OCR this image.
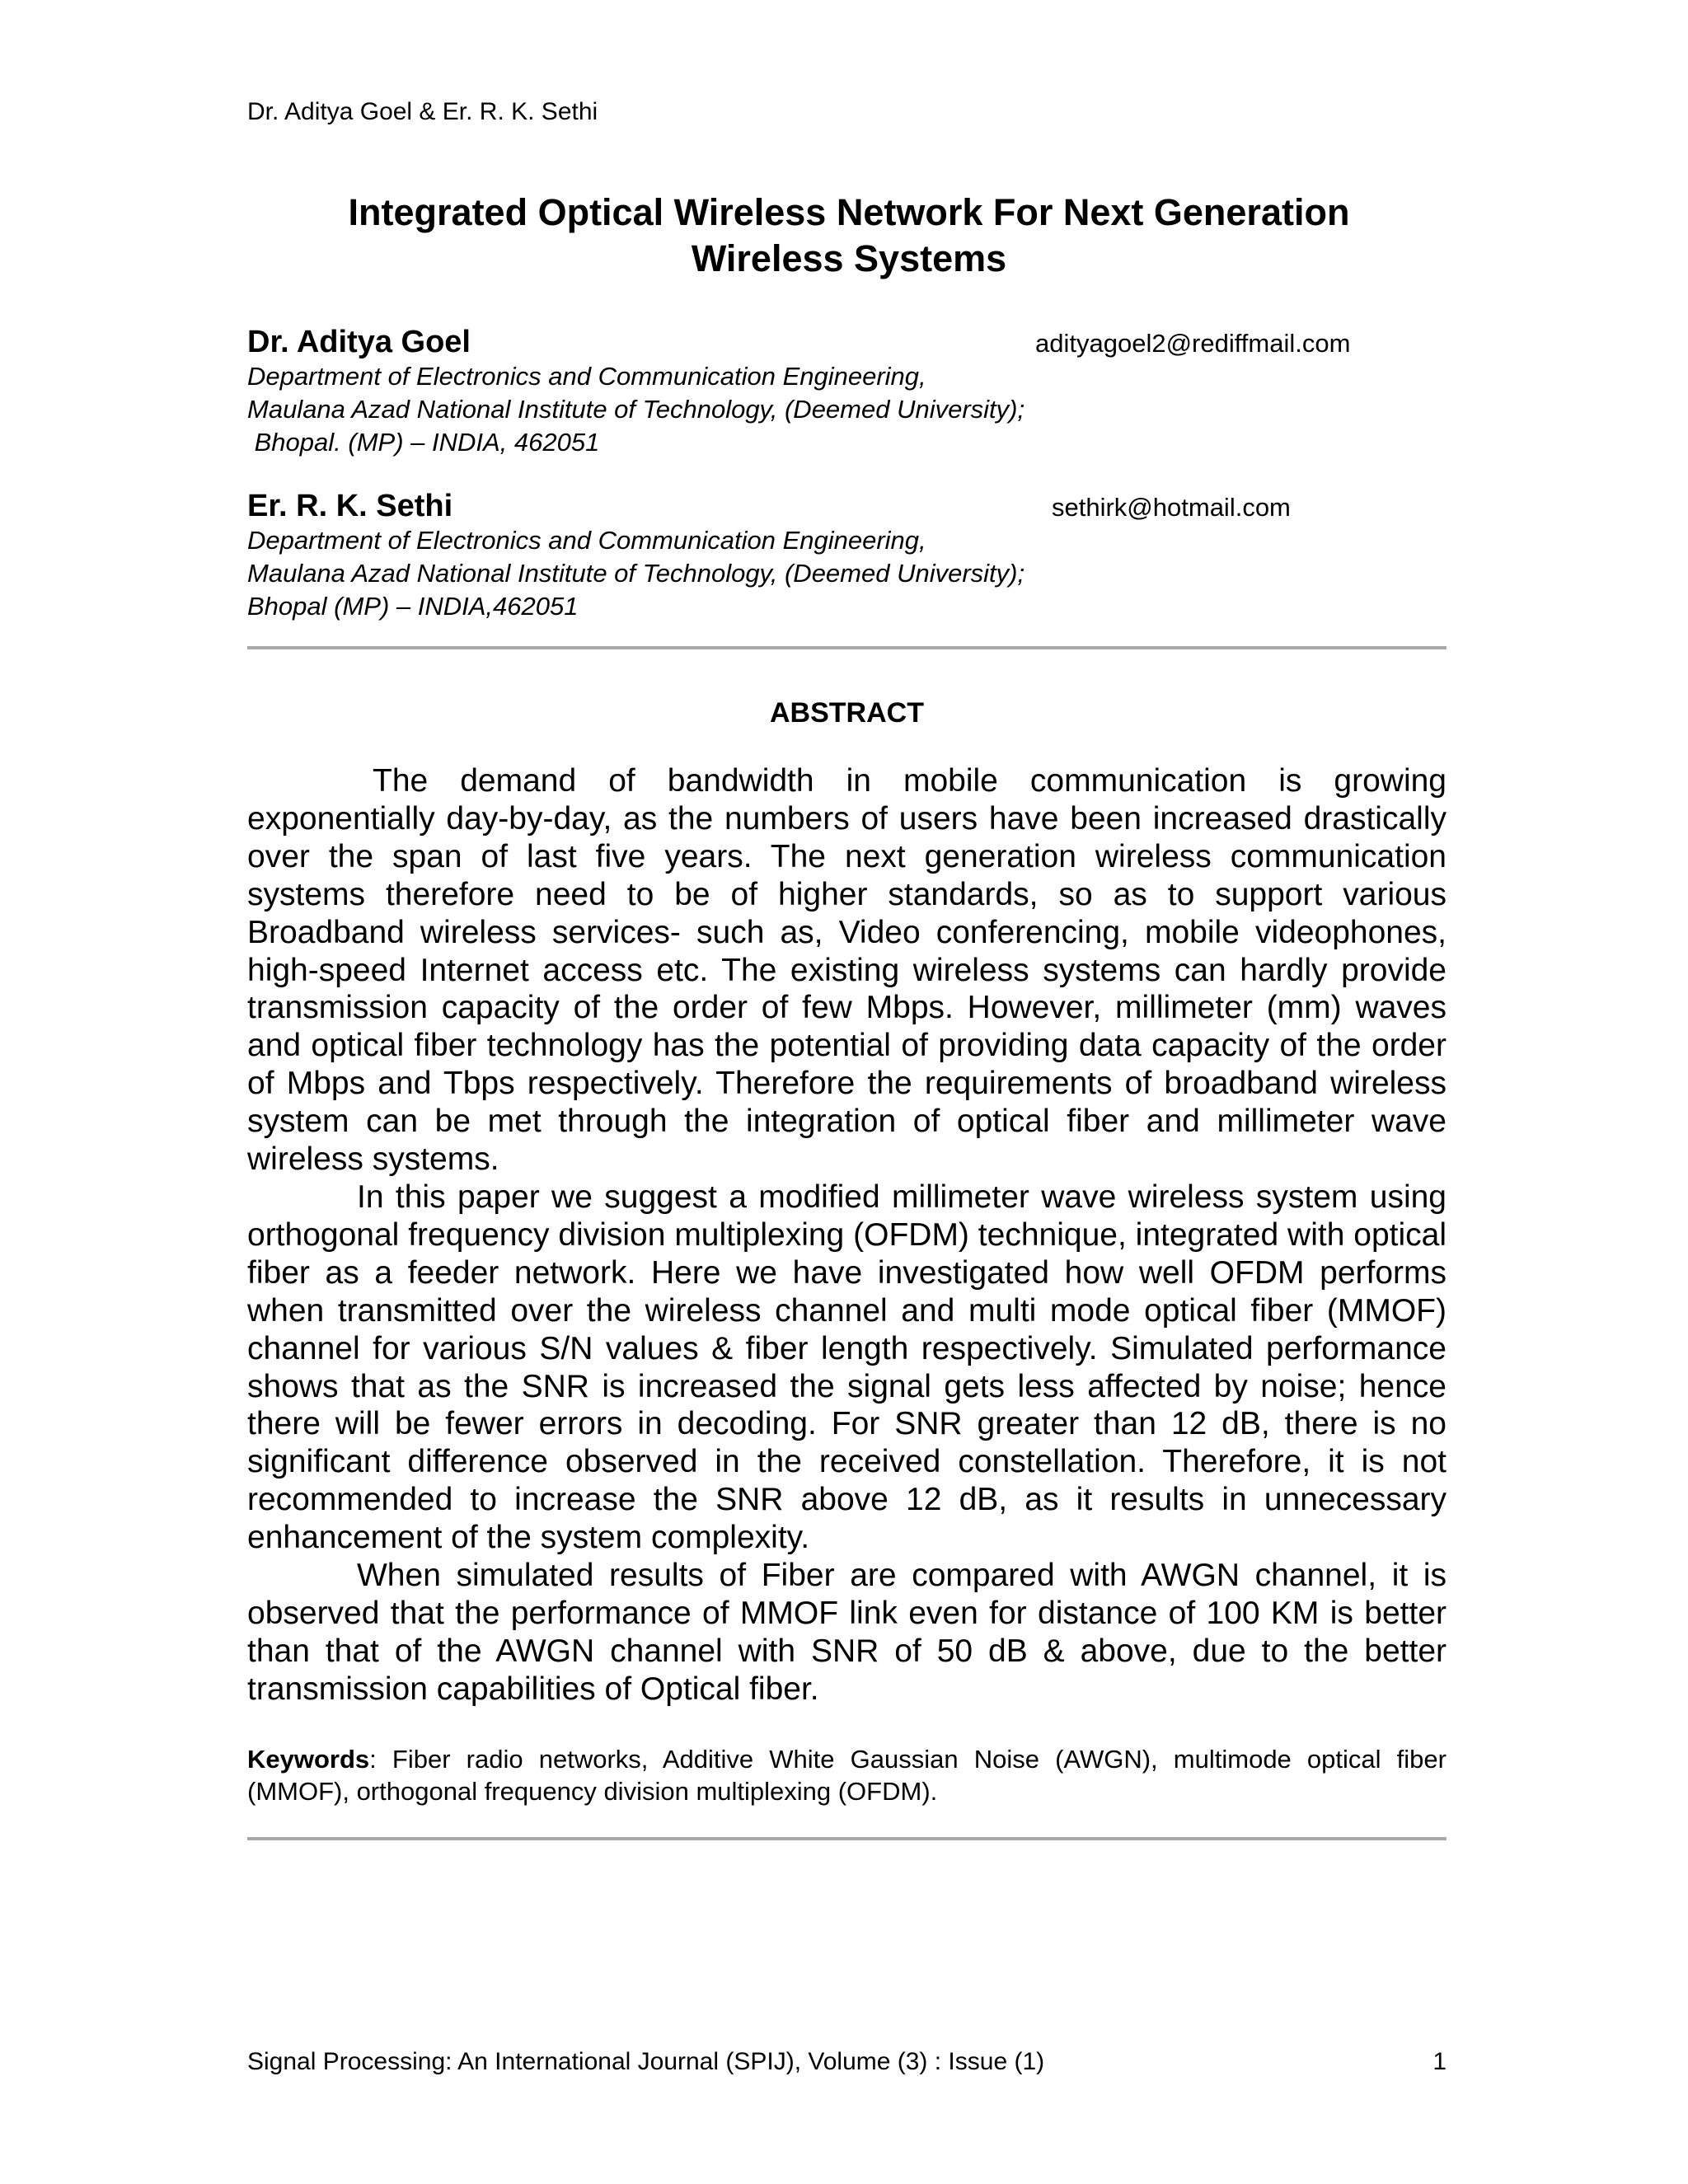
Dr. Aditya Goel & Er. R. K. Sethi
Integrated Optical Wireless Network For Next Generation
Wireless Systems
Dr. Aditya Goel	adityagoel2@rediffmail.com
Department of Electronics and Communication Engineering,
Maulana Azad National Institute of Technology, (Deemed University);
Bhopal. (MP) – INDIA, 462051
Er. R. K. Sethi	sethirk@hotmail.com
Department of Electronics and Communication Engineering,
Maulana Azad National Institute of Technology, (Deemed University);
Bhopal (MP) – INDIA,462051
ABSTRACT

The demand of bandwidth in mobile communication is growing exponentially day-by-day, as the numbers of users have been increased drastically over the span of last five years. The next generation wireless communication systems therefore need to be of higher standards, so as to support various Broadband wireless services- such as, Video conferencing, mobile videophones, high-speed Internet access etc. The existing wireless systems can hardly provide transmission capacity of the order of few Mbps. However, millimeter (mm) waves and optical fiber technology has the potential of providing data capacity of the order of Mbps and Tbps respectively. Therefore the requirements of broadband wireless system can be met through the integration of optical fiber and millimeter wave wireless systems.

In this paper we suggest a modified millimeter wave wireless system using orthogonal frequency division multiplexing (OFDM) technique, integrated with optical fiber as a feeder network. Here we have investigated how well OFDM performs when transmitted over the wireless channel and multi mode optical fiber (MMOF) channel for various S/N values & fiber length respectively. Simulated performance shows that as the SNR is increased the signal gets less affected by noise; hence there will be fewer errors in decoding. For SNR greater than 12 dB, there is no significant difference observed in the received constellation. Therefore, it is not recommended to increase the SNR above 12 dB, as it results in unnecessary enhancement of the system complexity.

When simulated results of Fiber are compared with AWGN channel, it is observed that the performance of MMOF link even for distance of 100 KM is better than that of the AWGN channel with SNR of 50 dB & above, due to the better transmission capabilities of Optical fiber.

Keywords: Fiber radio networks, Additive White Gaussian Noise (AWGN), multimode optical fiber (MMOF), orthogonal frequency division multiplexing (OFDM).
Signal Processing: An International Journal (SPIJ), Volume (3) : Issue (1)	1
